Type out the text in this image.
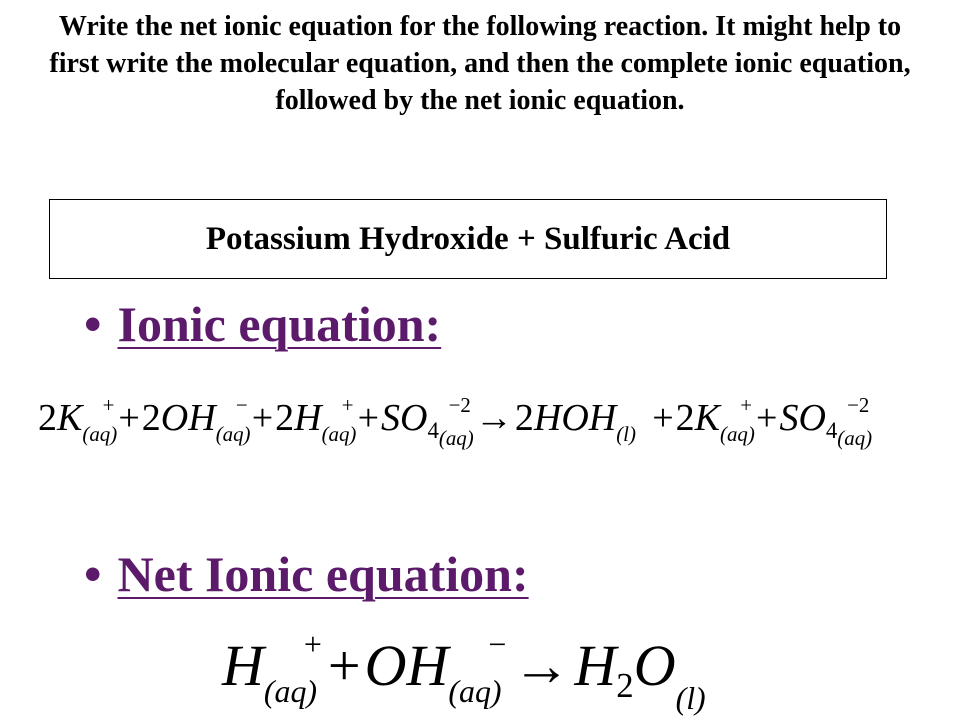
Write the net ionic equation for the following reaction. It might help to first write the molecular equation, and then the complete ionic equation, followed by the net ionic equation.
Potassium Hydroxide + Sulfuric Acid
• Ionic equation:
2K +
(aq) +2OH −
(aq) +2H +
(aq) +SO4
−2
(aq) →2HOH (l) +2K +
(aq) +SO4
−2
(aq)
• Net Ionic equation:
H +
(aq) +OH −
(aq) →H2O
(l)
